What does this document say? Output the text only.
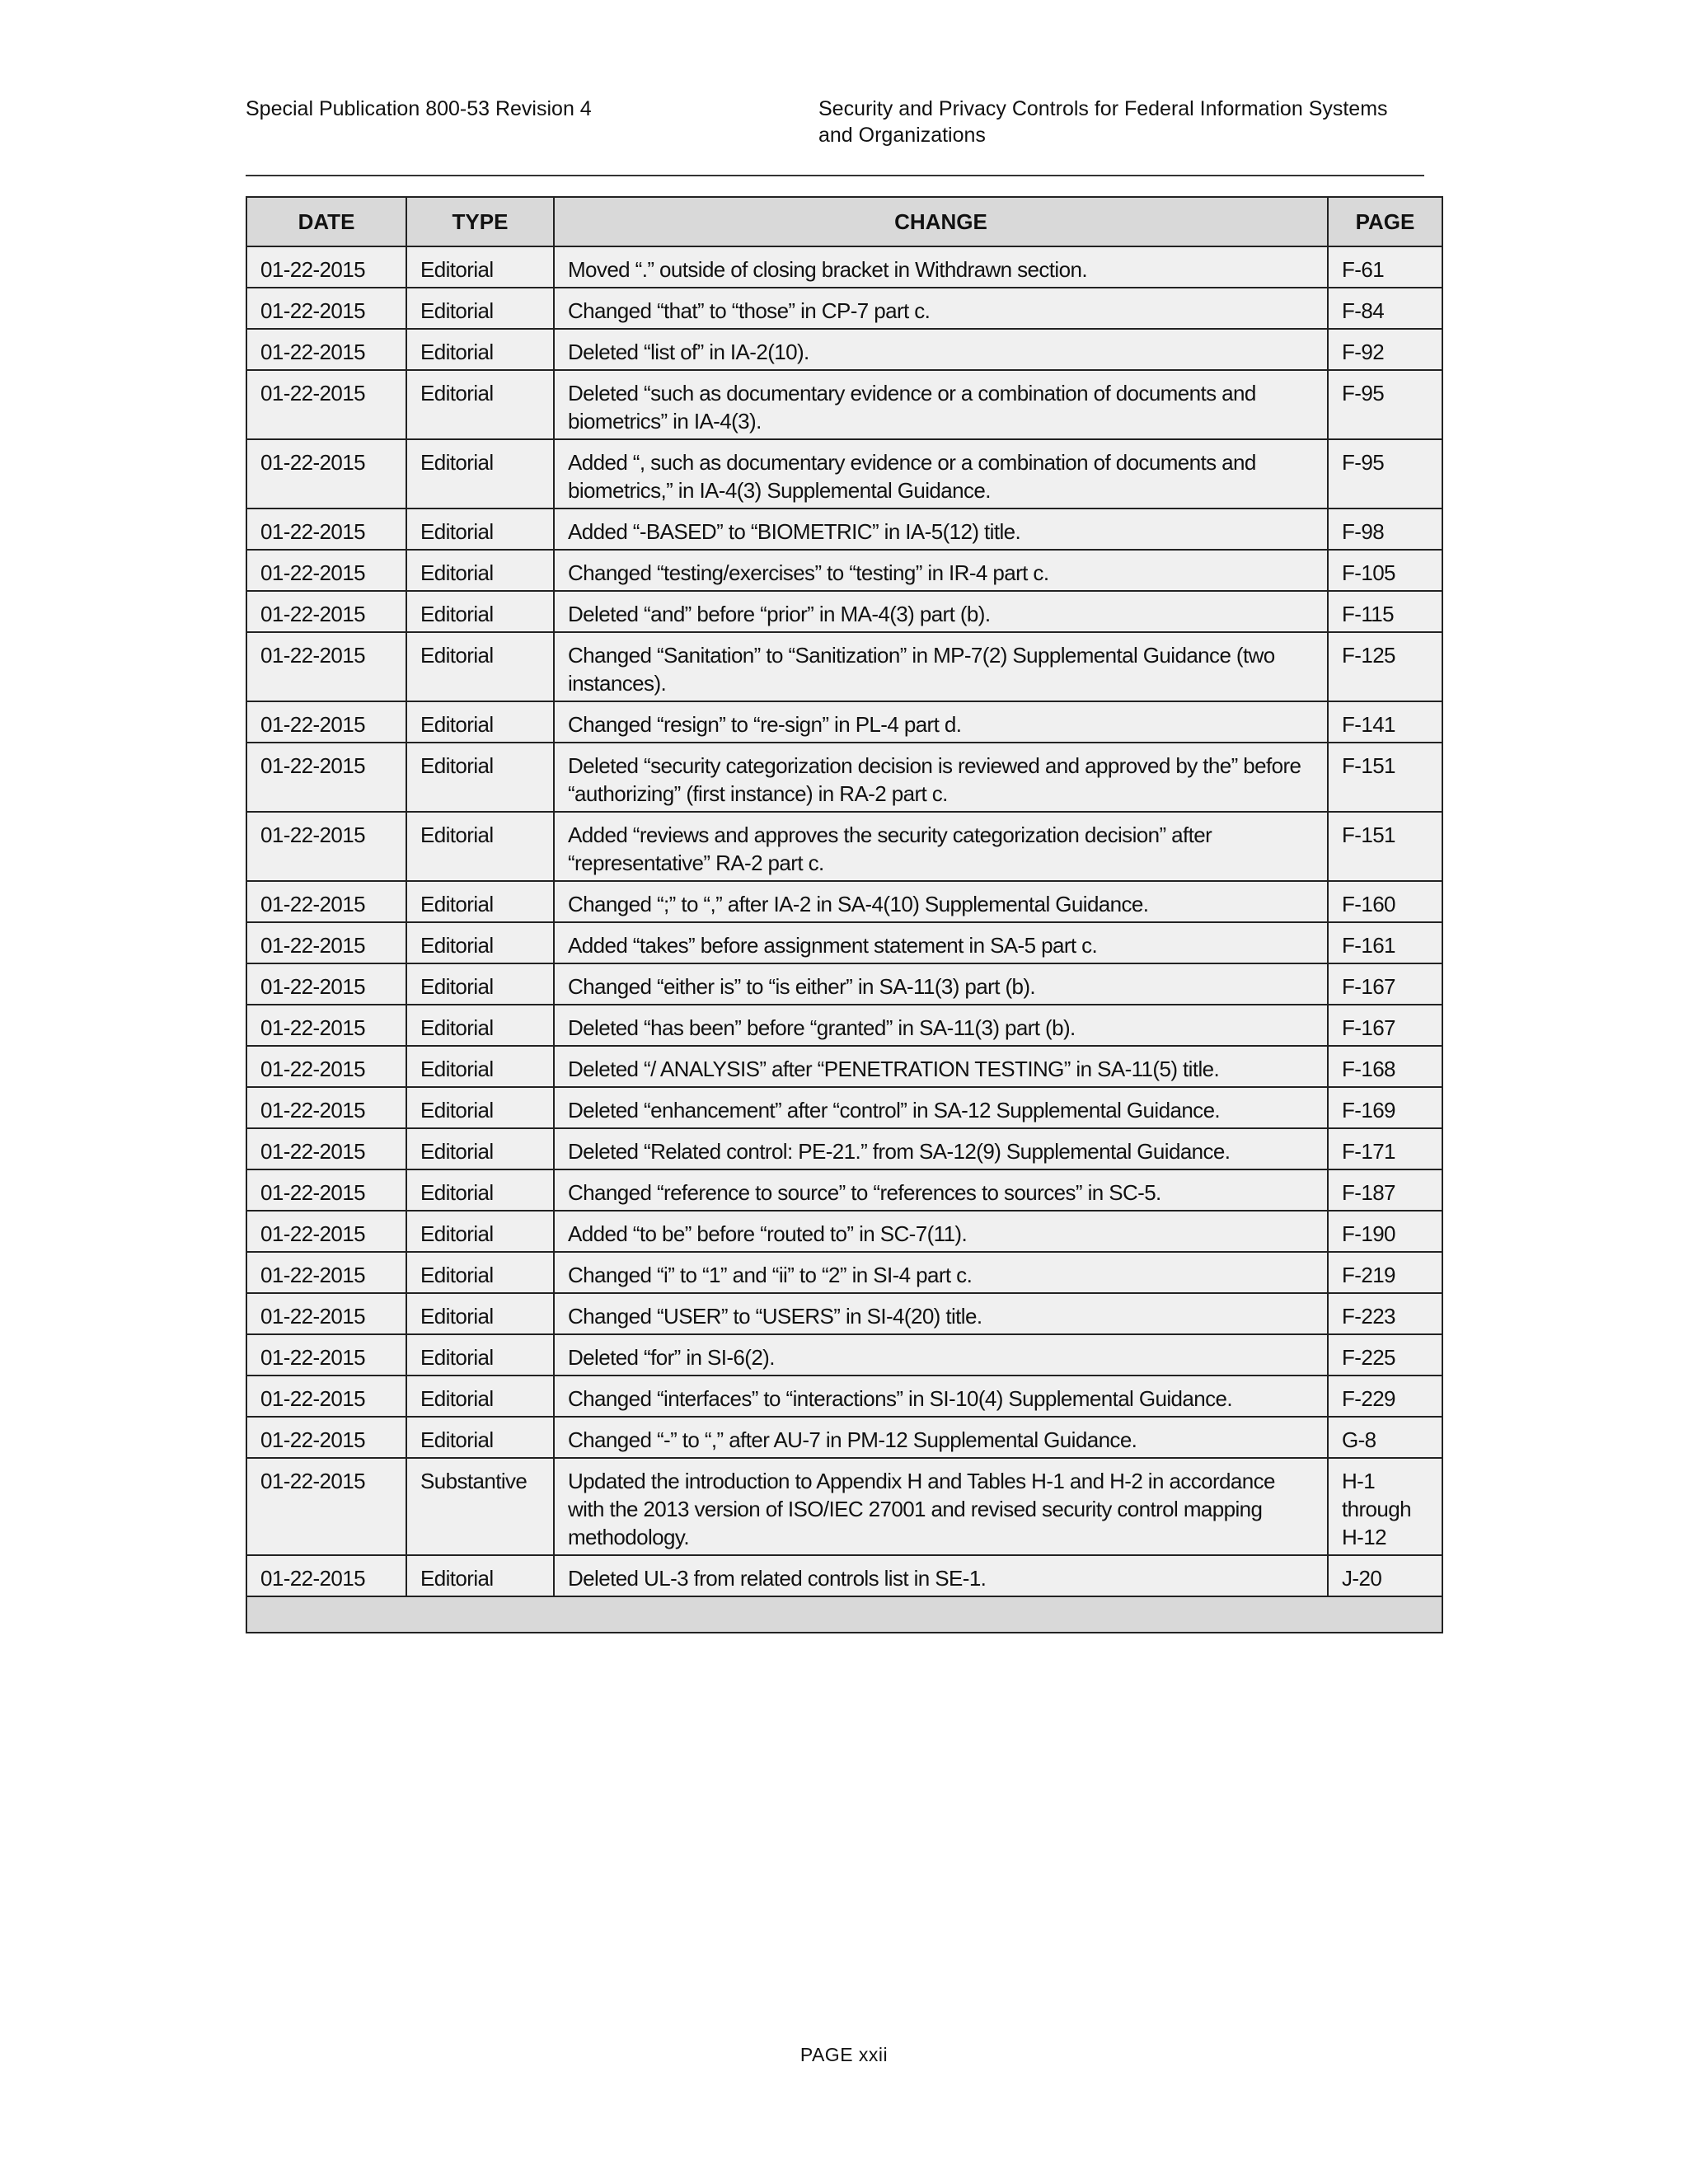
Special Publication 800-53 Revision 4	Security and Privacy Controls for Federal Information Systems
and Organizations
DATE	TYPE	CHANGE	PAGE
01-22-2015	Editorial	Moved “.” outside of closing bracket in Withdrawn section.	F-61
01-22-2015	Editorial	Changed “that” to “those” in CP-7 part c.	F-84
01-22-2015	Editorial	Deleted “list of” in IA-2(10).	F-92
01-22-2015	Editorial	Deleted “such as documentary evidence or a combination of documents and biometrics” in IA-4(3).	F-95
01-22-2015	Editorial	Added “, such as documentary evidence or a combination of documents and biometrics,” in IA-4(3) Supplemental Guidance.	F-95
01-22-2015	Editorial	Added “-BASED” to “BIOMETRIC” in IA-5(12) title.	F-98
01-22-2015	Editorial	Changed “testing/exercises” to “testing” in IR-4 part c.	F-105
01-22-2015	Editorial	Deleted “and” before “prior” in MA-4(3) part (b).	F-115
01-22-2015	Editorial	Changed “Sanitation” to “Sanitization” in MP-7(2) Supplemental Guidance (two instances).	F-125
01-22-2015	Editorial	Changed “resign” to “re-sign” in PL-4 part d.	F-141
01-22-2015	Editorial	Deleted “security categorization decision is reviewed and approved by the” before “authorizing” (first instance) in RA-2 part c.	F-151
01-22-2015	Editorial	Added “reviews and approves the security categorization decision” after “representative” RA-2 part c.	F-151
01-22-2015	Editorial	Changed “;” to “,” after IA-2 in SA-4(10) Supplemental Guidance.	F-160
01-22-2015	Editorial	Added “takes” before assignment statement in SA-5 part c.	F-161
01-22-2015	Editorial	Changed “either is” to “is either” in SA-11(3) part (b).	F-167
01-22-2015	Editorial	Deleted “has been” before “granted” in SA-11(3) part (b).	F-167
01-22-2015	Editorial	Deleted “/ ANALYSIS” after “PENETRATION TESTING” in SA-11(5) title.	F-168
01-22-2015	Editorial	Deleted “enhancement” after “control” in SA-12 Supplemental Guidance.	F-169
01-22-2015	Editorial	Deleted “Related control: PE-21.” from SA-12(9) Supplemental Guidance.	F-171
01-22-2015	Editorial	Changed “reference to source” to “references to sources” in SC-5.	F-187
01-22-2015	Editorial	Added “to be” before “routed to” in SC-7(11).	F-190
01-22-2015	Editorial	Changed “i” to “1” and “ii” to “2” in SI-4 part c.	F-219
01-22-2015	Editorial	Changed “USER” to “USERS” in SI-4(20) title.	F-223
01-22-2015	Editorial	Deleted “for” in SI-6(2).	F-225
01-22-2015	Editorial	Changed “interfaces” to “interactions” in SI-10(4) Supplemental Guidance.	F-229
01-22-2015	Editorial	Changed “-” to “,” after AU-7 in PM-12 Supplemental Guidance.	G-8
01-22-2015	Substantive	Updated the introduction to Appendix H and Tables H-1 and H-2 in accordance with the 2013 version of ISO/IEC 27001 and revised security control mapping methodology.	H-1 through H-12
01-22-2015	Editorial	Deleted UL-3 from related controls list in SE-1.	J-20

PAGE xxii
